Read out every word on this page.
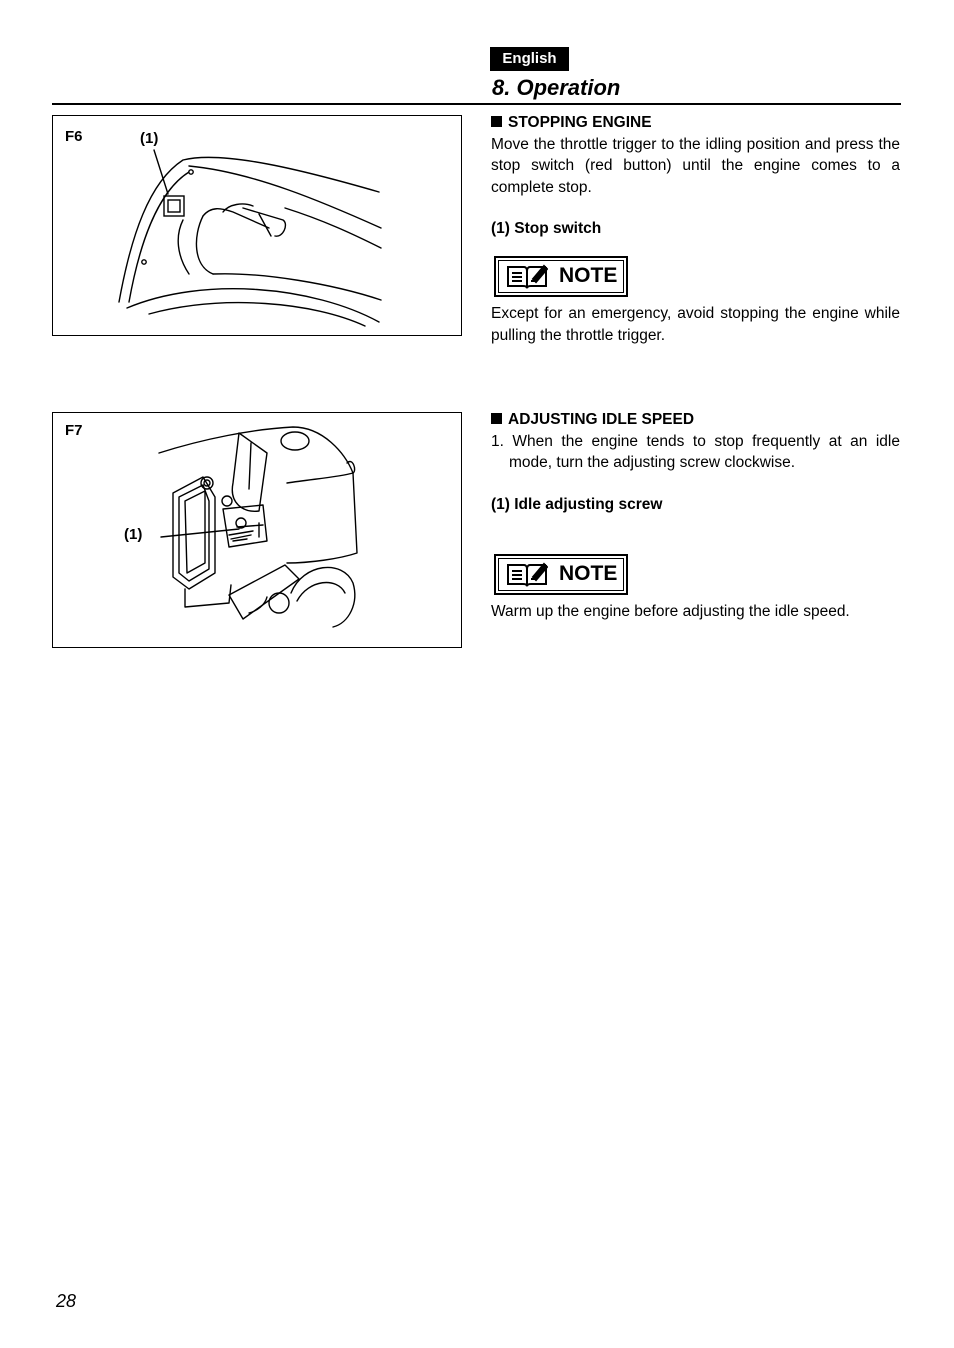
English
8. Operation
F6	(1)
F7
(1)
STOPPING ENGINE

Move the throttle trigger to the idling position and press the stop switch (red button) until the engine comes to a complete stop.

(1) Stop switch
NOTE

Except for an emergency, avoid stopping the engine while pulling the throttle trigger.

ADJUSTING IDLE SPEED

1. When the engine tends to stop frequently at an idle mode, turn the adjusting screw clockwise.

(1) Idle adjusting screw
NOTE

Warm up the engine before adjusting the idle speed.

28
